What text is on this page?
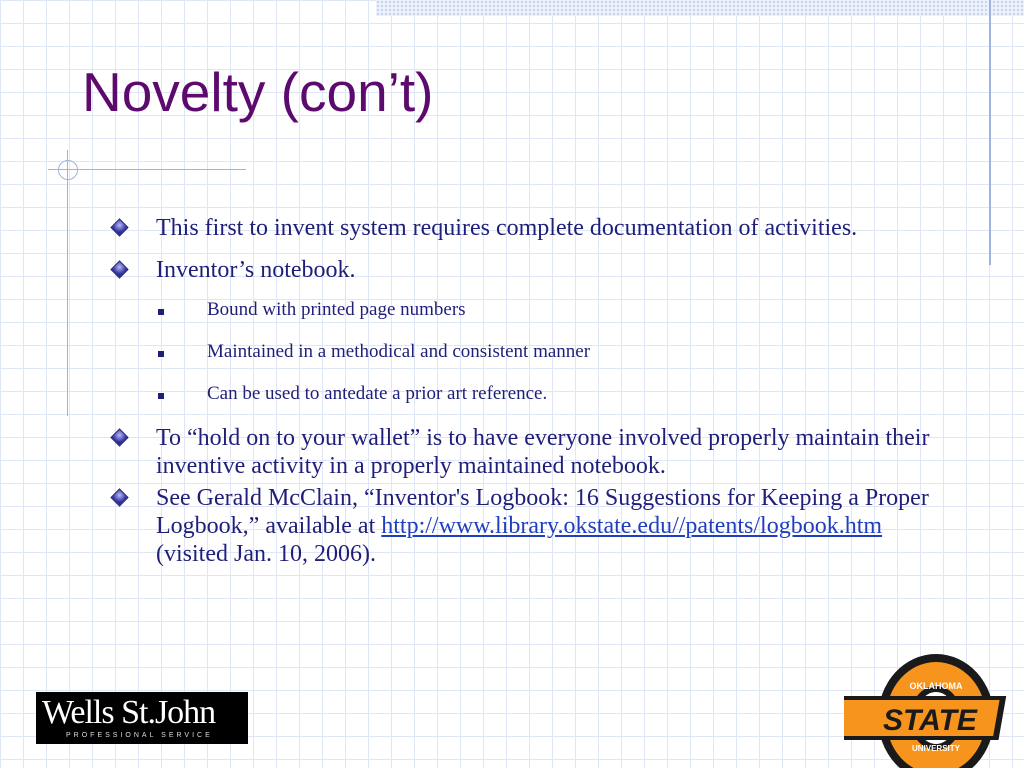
Novelty (con’t)
This first to invent system requires complete documentation of activities.
Inventor’s notebook.
Bound with printed page numbers
Maintained in a methodical and consistent manner
Can be used to antedate a prior art reference.
To “hold on to your wallet” is to have everyone involved properly maintain their inventive activity in a properly maintained notebook.
See Gerald McClain, “Inventor's Logbook: 16 Suggestions for Keeping a Proper Logbook,” available at http://www.library.okstate.edu//patents/logbook.htm (visited Jan. 10, 2006).
Wells St.John
PROFESSIONAL SERVICE
OKLAHOMA
STATE
UNIVERSITY
